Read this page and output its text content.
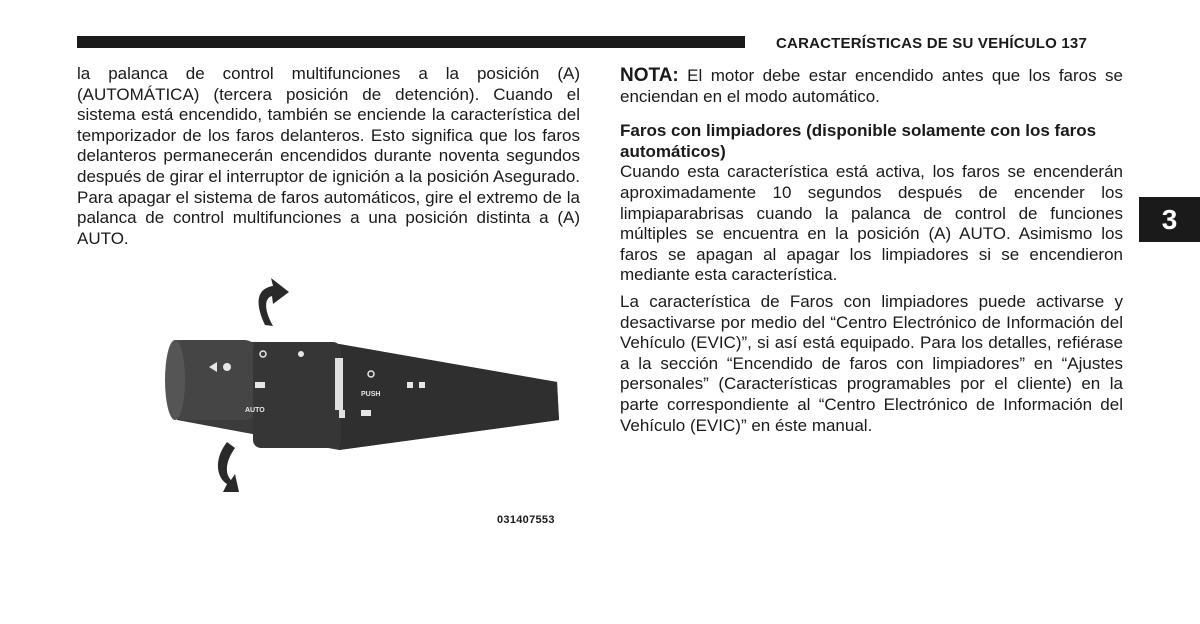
CARACTERÍSTICAS DE SU VEHÍCULO 137

la palanca de control multifunciones a la posición (A) (AUTOMÁTICA) (tercera posición de detención). Cuando el sistema está encendido, también se enciende la característica del temporizador de los faros delanteros. Esto significa que los faros delanteros permanecerán encendidos durante noventa segundos después de girar el interruptor de ignición a la posición Asegurado. Para apagar el sistema de faros automáticos, gire el extremo de la palanca de control multifunciones a una posición distinta a (A) AUTO.

AUTO
PUSH
031407553

NOTA: El motor debe estar encendido antes que los faros se enciendan en el modo automático.

Faros con limpiadores (disponible solamente con los faros automáticos)

Cuando esta característica está activa, los faros se encenderán aproximadamente 10 segundos después de encender los limpiaparabrisas cuando la palanca de control de funciones múltiples se encuentra en la posición (A) AUTO. Asimismo los faros se apagan al apagar los limpiadores si se encendieron mediante esta característica.

La característica de Faros con limpiadores puede activarse y desactivarse por medio del “Centro Electrónico de Información del Vehículo (EVIC)”, si así está equipado. Para los detalles, refiérase a la sección “Encendido de faros con limpiadores” en “Ajustes personales” (Características programables por el cliente) en la parte correspondiente al “Centro Electrónico de Información del Vehículo (EVIC)” en éste manual.

3
